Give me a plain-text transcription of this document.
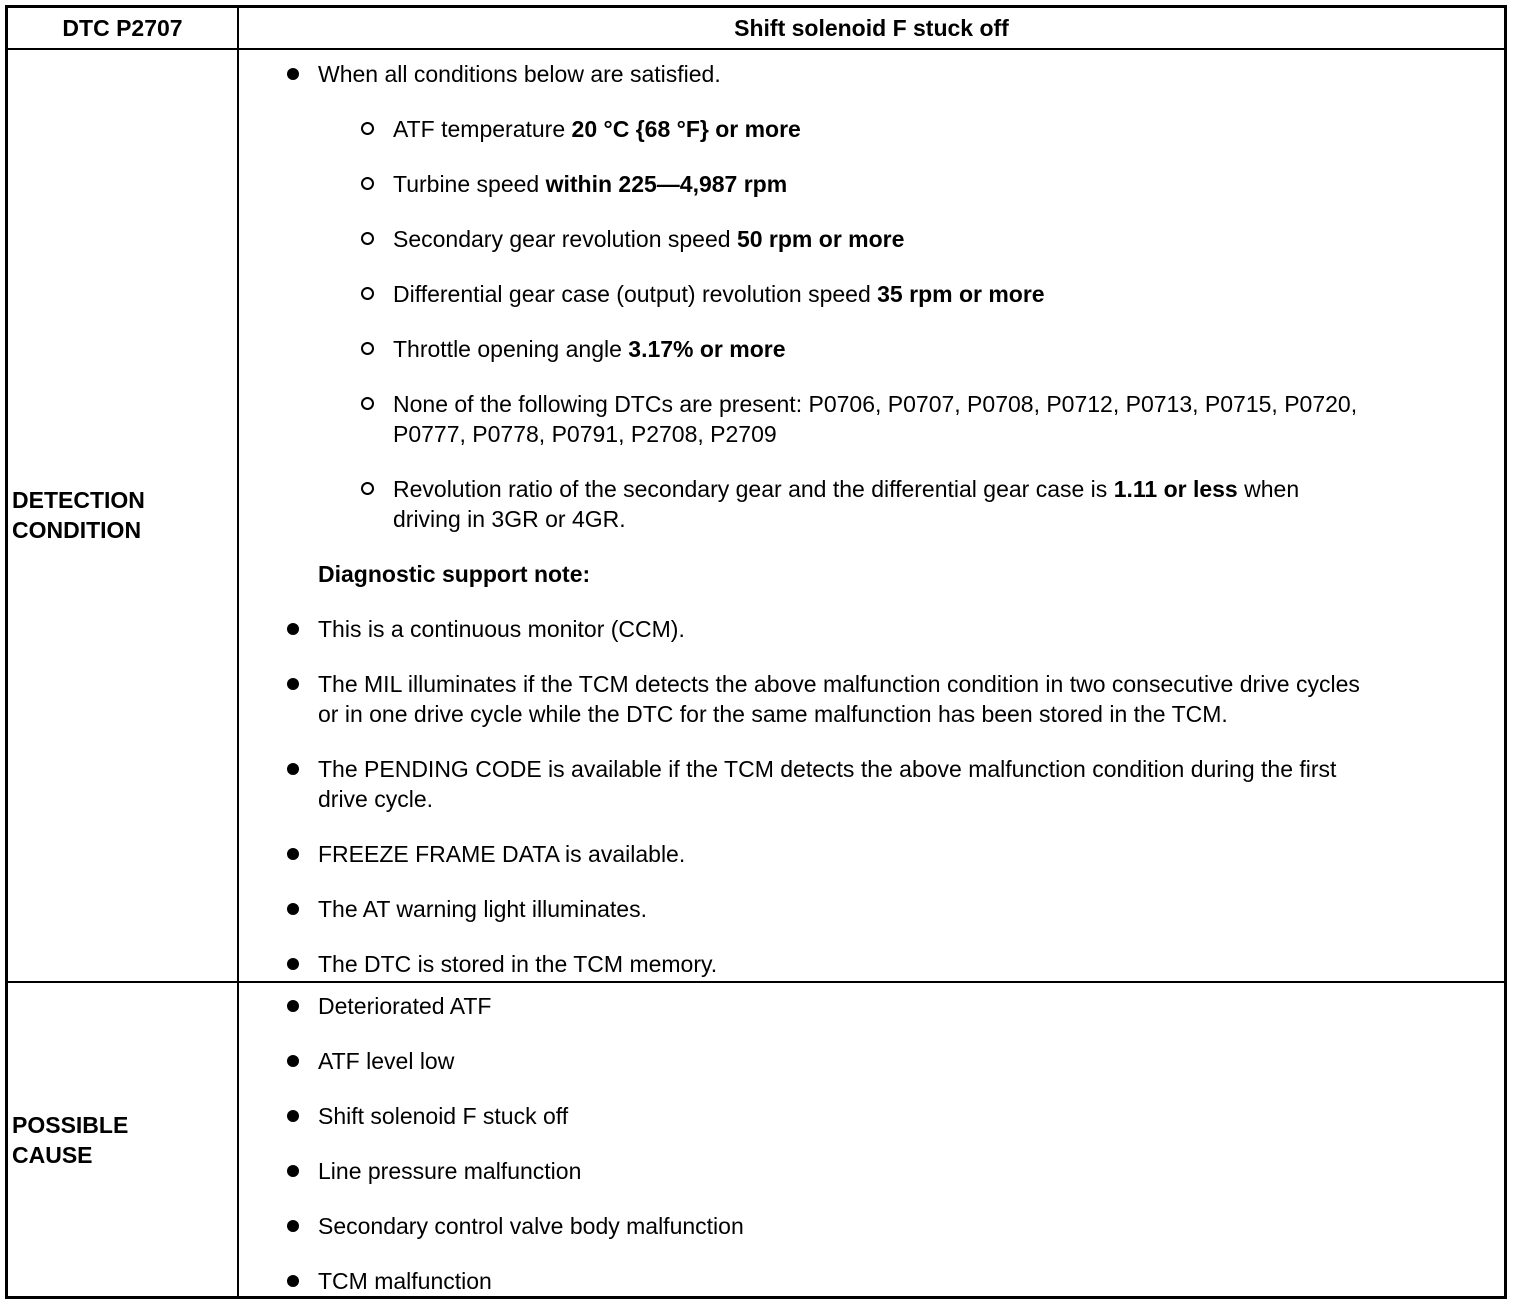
DTC P2707	Shift solenoid F stuck off
DETECTION
CONDITION
POSSIBLE
CAUSE
When all conditions below are satisfied.
ATF temperature 20 °C {68 °F} or more
Turbine speed within 225—4,987 rpm
Secondary gear revolution speed 50 rpm or more
Differential gear case (output) revolution speed 35 rpm or more
Throttle opening angle 3.17% or more
None of the following DTCs are present: P0706, P0707, P0708, P0712, P0713, P0715, P0720,
P0777, P0778, P0791, P2708, P2709
Revolution ratio of the secondary gear and the differential gear case is 1.11 or less when
driving in 3GR or 4GR.
Diagnostic support note:
This is a continuous monitor (CCM).
The MIL illuminates if the TCM detects the above malfunction condition in two consecutive drive cycles
or in one drive cycle while the DTC for the same malfunction has been stored in the TCM.
The PENDING CODE is available if the TCM detects the above malfunction condition during the first
drive cycle.
FREEZE FRAME DATA is available.
The AT warning light illuminates.
The DTC is stored in the TCM memory.
Deteriorated ATF
ATF level low
Shift solenoid F stuck off
Line pressure malfunction
Secondary control valve body malfunction
TCM malfunction
